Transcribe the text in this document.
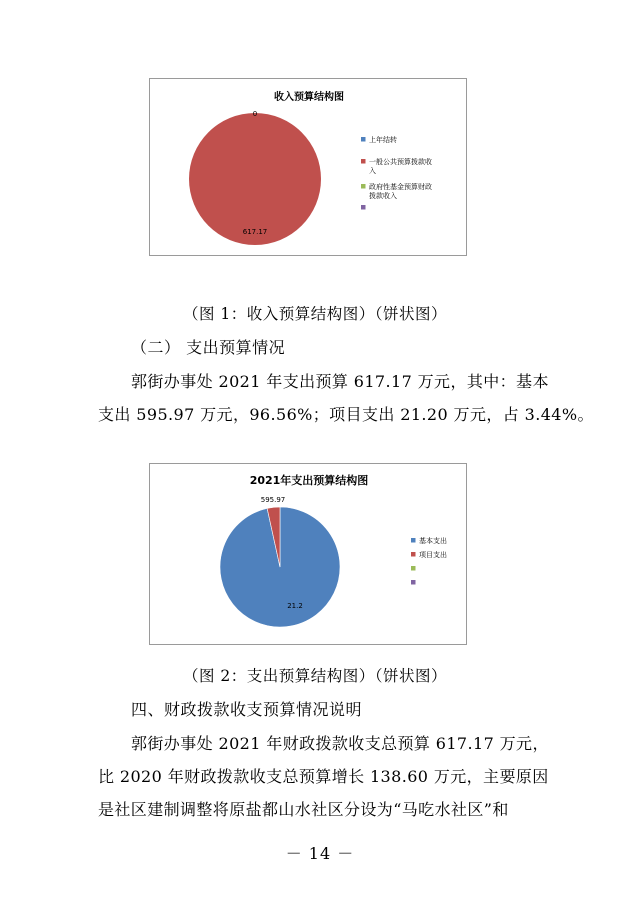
收入预算结构图
0
617.17
上年结转
一般公共预算拨款收
入
政府性基金预算财政
拨款收入
（图 1：收入预算结构图）（饼状图）
（二） 支出预算情况
郭街办事处 2021 年支出预算 617.17 万元，其中：基本
支出 595.97 万元，96.56%；项目支出 21.20 万元，占 3.44%。
2021年支出预算结构图
595.97
21.2
基本支出
项目支出
（图 2：支出预算结构图）（饼状图）
四、财政拨款收支预算情况说明
郭街办事处 2021 年财政拨款收支总预算 617.17 万元，
比 2020 年财政拨款收支总预算增长 138.60 万元，主要原因
是社区建制调整将原盐都山水社区分设为“马吃水社区”和
－ 14 －
